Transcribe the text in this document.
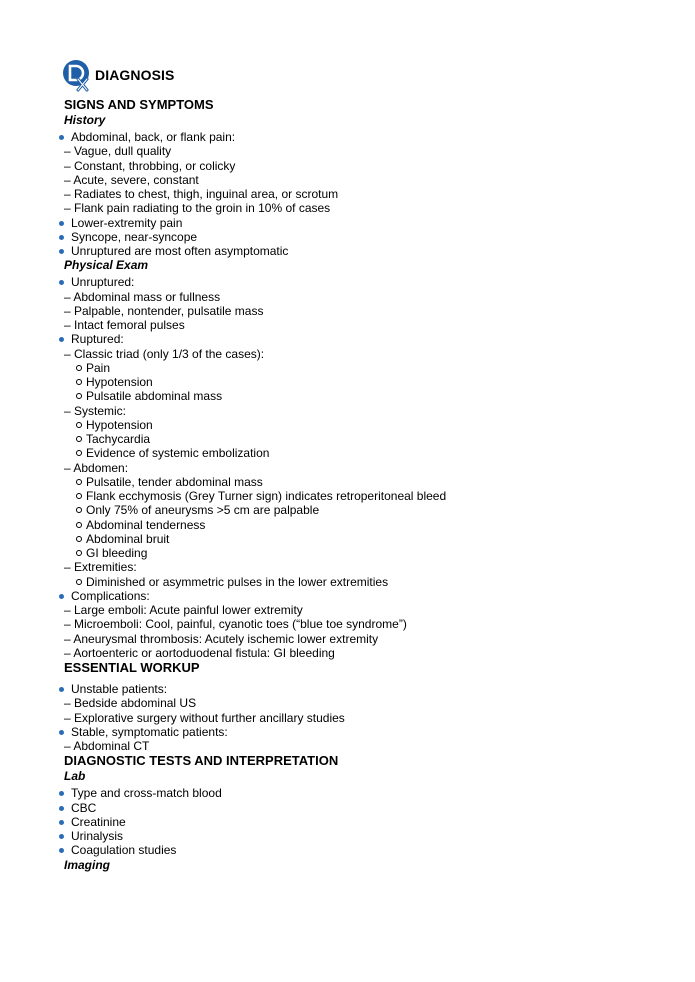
DIAGNOSIS
SIGNS AND SYMPTOMS
History
Abdominal, back, or flank pain:
– Vague, dull quality
– Constant, throbbing, or colicky
– Acute, severe, constant
– Radiates to chest, thigh, inguinal area, or scrotum
– Flank pain radiating to the groin in 10% of cases
Lower-extremity pain
Syncope, near-syncope
Unruptured are most often asymptomatic
Physical Exam
Unruptured:
– Abdominal mass or fullness
– Palpable, nontender, pulsatile mass
– Intact femoral pulses
Ruptured:
– Classic triad (only 1/3 of the cases):
Pain
Hypotension
Pulsatile abdominal mass
– Systemic:
Hypotension
Tachycardia
Evidence of systemic embolization
– Abdomen:
Pulsatile, tender abdominal mass
Flank ecchymosis (Grey Turner sign) indicates retroperitoneal bleed
Only 75% of aneurysms >5 cm are palpable
Abdominal tenderness
Abdominal bruit
GI bleeding
– Extremities:
Diminished or asymmetric pulses in the lower extremities
Complications:
– Large emboli: Acute painful lower extremity
– Microemboli: Cool, painful, cyanotic toes (“blue toe syndrome”)
– Aneurysmal thrombosis: Acutely ischemic lower extremity
– Aortoenteric or aortoduodenal fistula: GI bleeding
ESSENTIAL WORKUP
Unstable patients:
– Bedside abdominal US
– Explorative surgery without further ancillary studies
Stable, symptomatic patients:
– Abdominal CT
DIAGNOSTIC TESTS AND INTERPRETATION
Lab
Type and cross-match blood
CBC
Creatinine
Urinalysis
Coagulation studies
Imaging
